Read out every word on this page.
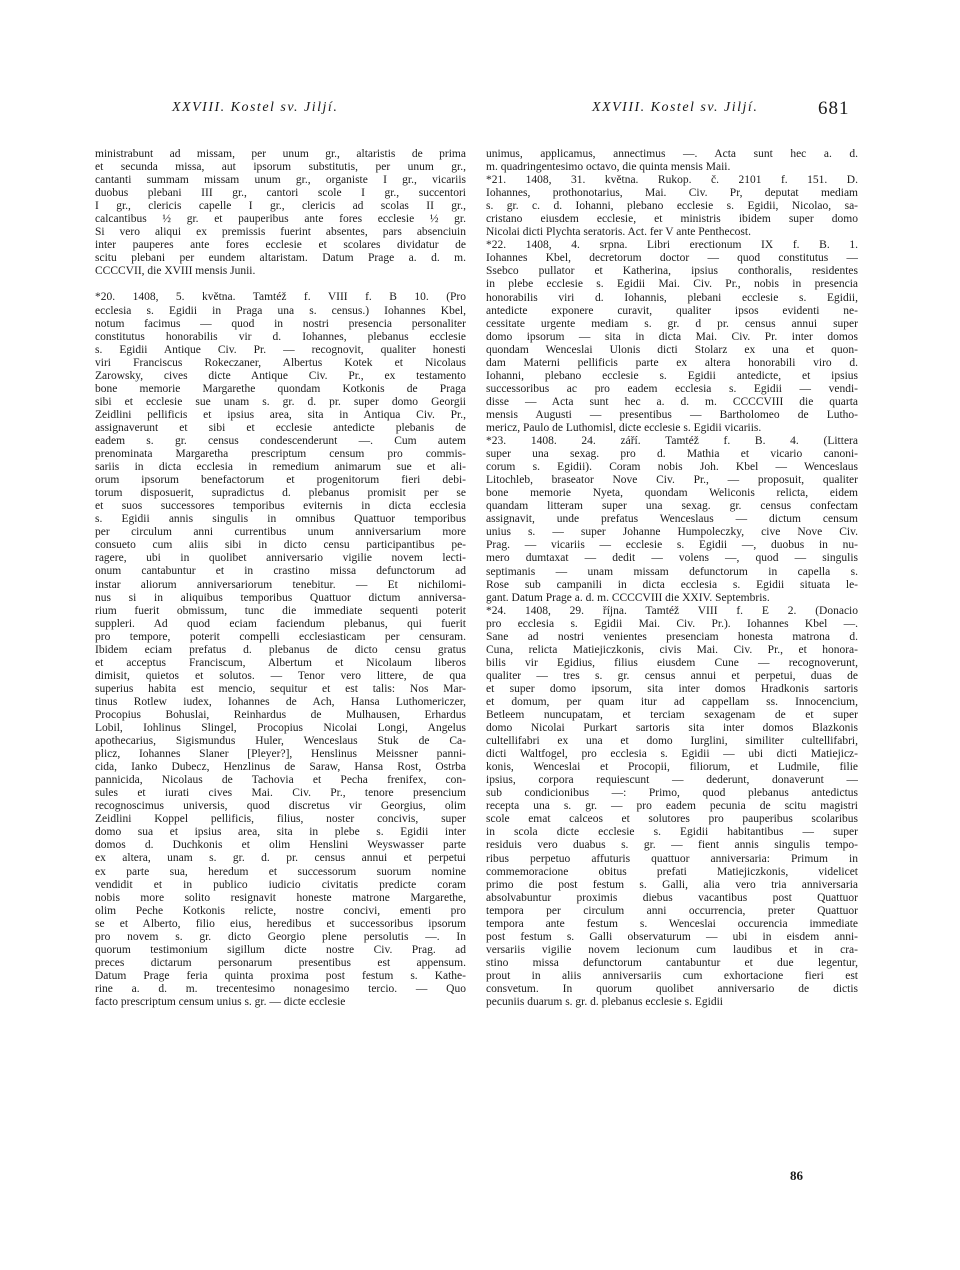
XXVIII. Kostel sv. Jiljí.	XXVIII. Kostel sv. Jiljí.	681
ministrabunt ad missam, per unum gr., altaristis de prima
et secunda missa, aut ipsorum substitutis, per unum gr.,
cantanti summam missam unum gr., organiste I gr., vicariis
duobus plebani III gr., cantori scole I gr., succentori
I gr., clericis capelle I gr., clericis ad scolas II gr.,
calcantibus ½ gr. et pauperibus ante fores ecclesie ½ gr.
Si vero aliqui ex premissis fuerint absentes, pars absenciuin
inter pauperes ante fores ecclesie et scolares dividatur de
scitu plebani per eundem altaristam. Datum Prage a. d. m.
CCCCVII, die XVIII mensis Junii.
*20. 1408, 5. května. Tamtéž f. VIII f. B 10. (Pro
ecclesia s. Egidii in Praga una s. census.) Iohannes Kbel,
notum facimus — quod in nostri presencia personaliter
constitutus honorabilis vir d. Iohannes, plebanus ecclesie
s. Egidii Antique Civ. Pr. — recognovit, qualiter honesti
viri Franciscus Rokeczaner, Albertus Kotek et Nicolaus
Zarowsky, cives dicte Antique Civ. Pr., ex testamento
bone memorie Margarethe quondam Kotkonis de Praga
sibi et ecclesie sue unam s. gr. d. pr. super domo Georgii
Zeidlini pellificis et ipsius area, sita in Antiqua Civ. Pr.,
assignaverunt et sibi et ecclesie antedicte plebanis de
eadem s. gr. census condescenderunt —. Cum autem
prenominata Margaretha prescriptum censum pro commis-
sariis in dicta ecclesia in remedium animarum sue et ali-
orum ipsorum benefactorum et progenitorum fieri debi-
torum disposuerit, supradictus d. plebanus promisit per se
et suos successores temporibus eviternis in dicta ecclesia
s. Egidii annis singulis in omnibus Quattuor temporibus
per circulum anni currentibus unum anniversarium more
consueto cum aliis sibi in dicto censu participantibus pe-
ragere, ubi in quolibet anniversario vigilie novem lecti-
onum cantabuntur et in crastino missa defunctorum ad
instar aliorum anniversariorum tenebitur. — Et nichilomi-
nus si in aliquibus temporibus Quattuor dictum anniversa-
rium fuerit obmissum, tunc die immediate sequenti poterit
suppleri. Ad quod eciam faciendum plebanus, qui fuerit
pro tempore, poterit compelli ecclesiasticam per censuram.
Ibidem eciam prefatus d. plebanus de dicto censu gratus
et acceptus Franciscum, Albertum et Nicolaum liberos
dimisit, quietos et solutos. — Tenor vero littere, de qua
superius habita est mencio, sequitur et est talis: Nos Mar-
tinus Rotlew iudex, Iohannes de Ach, Hansa Luthomericzer,
Procopius Bohuslai, Reinhardus de Mulhausen, Erhardus
Lobil, Iohlinus Slingel, Procopius Nicolai Longi, Angelus
apothecarius, Sigismundus Huler, Wenceslaus Stuk de Ca-
plicz, Iohannes Slaner [Pleyer?], Henslinus Meissner panni-
cida, Ianko Dubecz, Henzlinus de Saraw, Hansa Rost, Ostrba
pannicida, Nicolaus de Tachovia et Pecha frenifex, con-
sules et iurati cives Mai. Civ. Pr., tenore presencium
recognoscimus universis, quod discretus vir Georgius, olim
Zeidlini Koppel pellificis, filius, noster concivis, super
domo sua et ipsius area, sita in plebe s. Egidii inter
domos d. Duchkonis et olim Henslini Weyswasser parte
ex altera, unam s. gr. d. pr. census annui et perpetui
ex parte sua, heredum et successorum suorum nomine
vendidit et in publico iudicio civitatis predicte coram
nobis more solito resignavit honeste matrone Margarethe,
olim Peche Kotkonis relicte, nostre concivi, ementi pro
se et Alberto, filio eius, heredibus et successoribus ipsorum
pro novem s. gr. dicto Georgio plene persolutis —. In
quorum testimonium sigillum dicte nostre Civ. Prag. ad
preces dictarum personarum presentibus est appensum.
Datum Prage feria quinta proxima post festum s. Kathe-
rine a. d. m. trecentesimo nonagesimo tercio. — Quo
facto prescriptum censum unius s. gr. — dicte ecclesie
unimus, applicamus, annectimus —. Acta sunt hec a. d.
m. quadringentesimo octavo, die quinta mensis Maii.
*21. 1408, 31. května. Rukop. č. 2101 f. 151. D.
Iohannes, prothonotarius, Mai. Civ. Pr, deputat mediam
s. gr. c. d. Iohanni, plebano ecclesie s. Egidii, Nicolao, sa-
cristano eiusdem ecclesie, et ministris ibidem super domo
Nicolai dicti Plychta seratoris. Act. fer V ante Penthecost.
*22. 1408, 4. srpna. Libri erectionum IX f. B. 1.
Iohannes Kbel, decretorum doctor — quod constitutus —
Ssebco pullator et Katherina, ipsius conthoralis, residentes
in plebe ecclesie s. Egidii Mai. Civ. Pr., nobis in presencia
honorabilis viri d. Iohannis, plebani ecclesie s. Egidii,
antedicte exponere curavit, qualiter ipsos evidenti ne-
cessitate urgente mediam s. gr. d pr. census annui super
domo ipsorum — sita in dicta Mai. Civ. Pr. inter domos
quondam Wenceslai Ulonis dicti Stolarz ex una et quon-
dam Materni pellificis parte ex altera honorabili viro d.
Iohanni, plebano ecclesie s. Egidii antedicte, et ipsius
successoribus ac pro eadem ecclesia s. Egidii — vendi-
disse — Acta sunt hec a. d. m. CCCCVIII die quarta
mensis Augusti — presentibus — Bartholomeo de Lutho-
mericz, Paulo de Luthomisl, dicte ecclesie s. Egidii vicariis.
*23. 1408. 24. září. Tamtéž f. B. 4. (Littera
super una sexag. pro d. Mathia et vicario canoni-
corum s. Egidii). Coram nobis Joh. Kbel — Wenceslaus
Litochleb, braseator Nove Civ. Pr., — proposuit, qualiter
bone memorie Nyeta, quondam Weliconis relicta, eidem
quandam litteram super una sexag. gr. census confectam
assignavit, unde prefatus Wenceslaus — dictum censum
unius s. — super Johanne Humpoleczky, cive Nove Civ.
Prag. — vicariis — ecclesie s. Egidii —, duobus in nu-
mero dumtaxat — dedit — volens —, quod — singulis
septimanis — unam missam defunctorum in capella s.
Rose sub campanili in dicta ecclesia s. Egidii situata le-
gant. Datum Prage a. d. m. CCCCVIII die XXIV. Septembris.
*24. 1408, 29. října. Tamtéž VIII f. E 2. (Donacio
pro ecclesia s. Egidii Mai. Civ. Pr.). Iohannes Kbel —.
Sane ad nostri venientes presenciam honesta matrona d.
Cuna, relicta Matiejiczkonis, civis Mai. Civ. Pr., et honora-
bilis vir Egidius, filius eiusdem Cune — recognoverunt,
qualiter — tres s. gr. census annui et perpetui, duas de
et super domo ipsorum, sita inter domos Hradkonis sartoris
et domum, per quam itur ad cappellam ss. Innocencium,
Betleem nuncupatam, et terciam sexagenam de et super
domo Nicolai Purkart sartoris sita inter domos Blazkonis
cultellifabri ex una et domo Iurglini, similiter cultellifabri,
dicti Waltfogel, pro ecclesia s. Egidii — ubi dicti Matiejicz-
konis, Wenceslai et Procopii, filiorum, et Ludmile, filie
ipsius, corpora requiescunt — dederunt, donaverunt —
sub condicionibus —: Primo, quod plebanus antedictus
recepta una s. gr. — pro eadem pecunia de scitu magistri
scole emat calceos et solutores pro pauperibus scolaribus
in scola dicte ecclesie s. Egidii habitantibus — super
residuis vero duabus s. gr. — fient annis singulis tempo-
ribus perpetuo affuturis quattuor anniversaria: Primum in
commemoracione obitus prefati Matiejiczkonis, videlicet
primo die post festum s. Galli, alia vero tria anniversaria
absolvabuntur proximis diebus vacantibus post Quattuor
tempora per circulum anni occurrencia, preter Quattuor
tempora ante festum s. Wenceslai occurencia immediate
post festum s. Galli observaturum — ubi in eisdem anni-
versariis vigilie novem lecionum cum laudibus et in cra-
stino missa defunctorum cantabuntur et due legentur,
prout in aliis anniversariis cum exhortacione fieri est
consvetum. In quorum quolibet anniversario de dictis
pecuniis duarum s. gr. d. plebanus ecclesie s. Egidii
86
